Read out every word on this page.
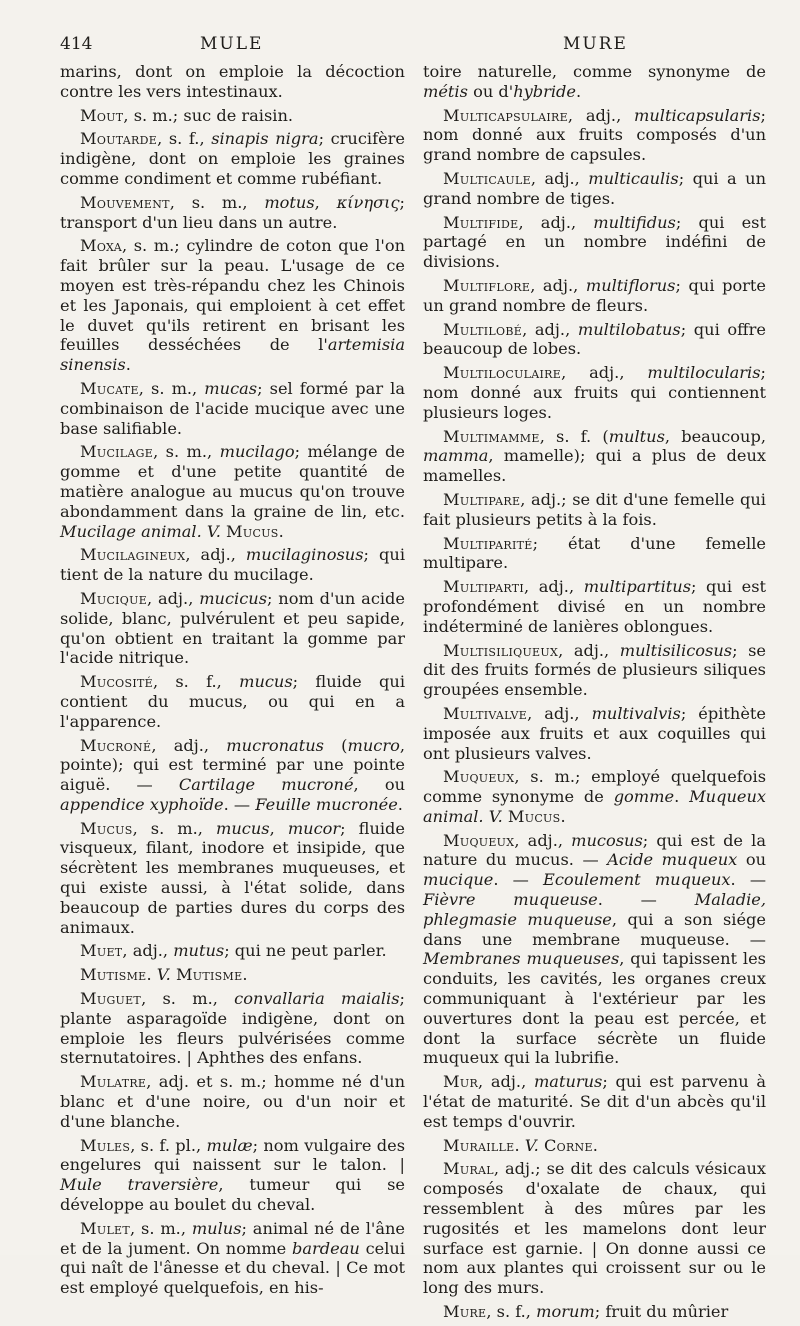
414	MULE	MURE

marins, dont on emploie la décoction contre les vers intestinaux.

Mout, s. m.; suc de raisin.

Moutarde, s. f., sinapis nigra; crucifère indigène, dont on emploie les graines comme condiment et comme rubéfiant.

Mouvement, s. m., motus, κίνησις; transport d'un lieu dans un autre.

Moxa, s. m.; cylindre de coton que l'on fait brûler sur la peau. L'usage de ce moyen est très-répandu chez les Chinois et les Japonais, qui emploient à cet effet le duvet qu'ils retirent en brisant les feuilles desséchées de l'artemisia sinensis.

Mucate, s. m., mucas; sel formé par la combinaison de l'acide mucique avec une base salifiable.

Mucilage, s. m., mucilago; mélange de gomme et d'une petite quantité de matière analogue au mucus qu'on trouve abondamment dans la graine de lin, etc. Mucilage animal. V. Mucus.

Mucilagineux, adj., mucilaginosus; qui tient de la nature du mucilage.

Mucique, adj., mucicus; nom d'un acide solide, blanc, pulvérulent et peu sapide, qu'on obtient en traitant la gomme par l'acide nitrique.

Mucosité, s. f., mucus; fluide qui contient du mucus, ou qui en a l'apparence.

Mucroné, adj., mucronatus (mucro, pointe); qui est terminé par une pointe aiguë. — Cartilage mucroné, ou appendice xyphoïde. — Feuille mucronée.

Mucus, s. m., mucus, mucor; fluide visqueux, filant, inodore et insipide, que sécrètent les membranes muqueuses, et qui existe aussi, à l'état solide, dans beaucoup de parties dures du corps des animaux.

Muet, adj., mutus; qui ne peut parler.

Mutisme. V. Mutisme.

Muguet, s. m., convallaria maialis; plante asparagoïde indigène, dont on emploie les fleurs pulvérisées comme sternutatoires. | Aphthes des enfans.

Mulatre, adj. et s. m.; homme né d'un blanc et d'une noire, ou d'un noir et d'une blanche.

Mules, s. f. pl., mulæ; nom vulgaire des engelures qui naissent sur le talon. | Mule traversière, tumeur qui se développe au boulet du cheval.

Mulet, s. m., mulus; animal né de l'âne et de la jument. On nomme bardeau celui qui naît de l'ânesse et du cheval. | Ce mot est employé quelquefois, en his-

toire naturelle, comme synonyme de métis ou d'hybride.

Multicapsulaire, adj., multicapsularis; nom donné aux fruits composés d'un grand nombre de capsules.

Multicaule, adj., multicaulis; qui a un grand nombre de tiges.

Multifide, adj., multifidus; qui est partagé en un nombre indéfini de divisions.

Multiflore, adj., multiflorus; qui porte un grand nombre de fleurs.

Multilobé, adj., multilobatus; qui offre beaucoup de lobes.

Multiloculaire, adj., multilocularis; nom donné aux fruits qui contiennent plusieurs loges.

Multimamme, s. f. (multus, beaucoup, mamma, mamelle); qui a plus de deux mamelles.

Multipare, adj.; se dit d'une femelle qui fait plusieurs petits à la fois.

Multiparité; état d'une femelle multipare.

Multiparti, adj., multipartitus; qui est profondément divisé en un nombre indéterminé de lanières oblongues.

Multisiliqueux, adj., multisilicosus; se dit des fruits formés de plusieurs siliques groupées ensemble.

Multivalve, adj., multivalvis; épithète imposée aux fruits et aux coquilles qui ont plusieurs valves.

Muqueux, s. m.; employé quelquefois comme synonyme de gomme. Muqueux animal. V. Mucus.

Muqueux, adj., mucosus; qui est de la nature du mucus. — Acide muqueux ou mucique. — Ecoulement muqueux. — Fièvre muqueuse. — Maladie, phlegmasie muqueuse, qui a son siége dans une membrane muqueuse. — Membranes muqueuses, qui tapissent les conduits, les cavités, les organes creux communiquant à l'extérieur par les ouvertures dont la peau est percée, et dont la surface sécrète un fluide muqueux qui la lubrifie.

Mur, adj., maturus; qui est parvenu à l'état de maturité. Se dit d'un abcès qu'il est temps d'ouvrir.

Muraille. V. Corne.

Mural, adj.; se dit des calculs vésicaux composés d'oxalate de chaux, qui ressemblent à des mûres par les rugosités et les mamelons dont leur surface est garnie. | On donne aussi ce nom aux plantes qui croissent sur ou le long des murs.

Mure, s. f., morum; fruit du mûrier
